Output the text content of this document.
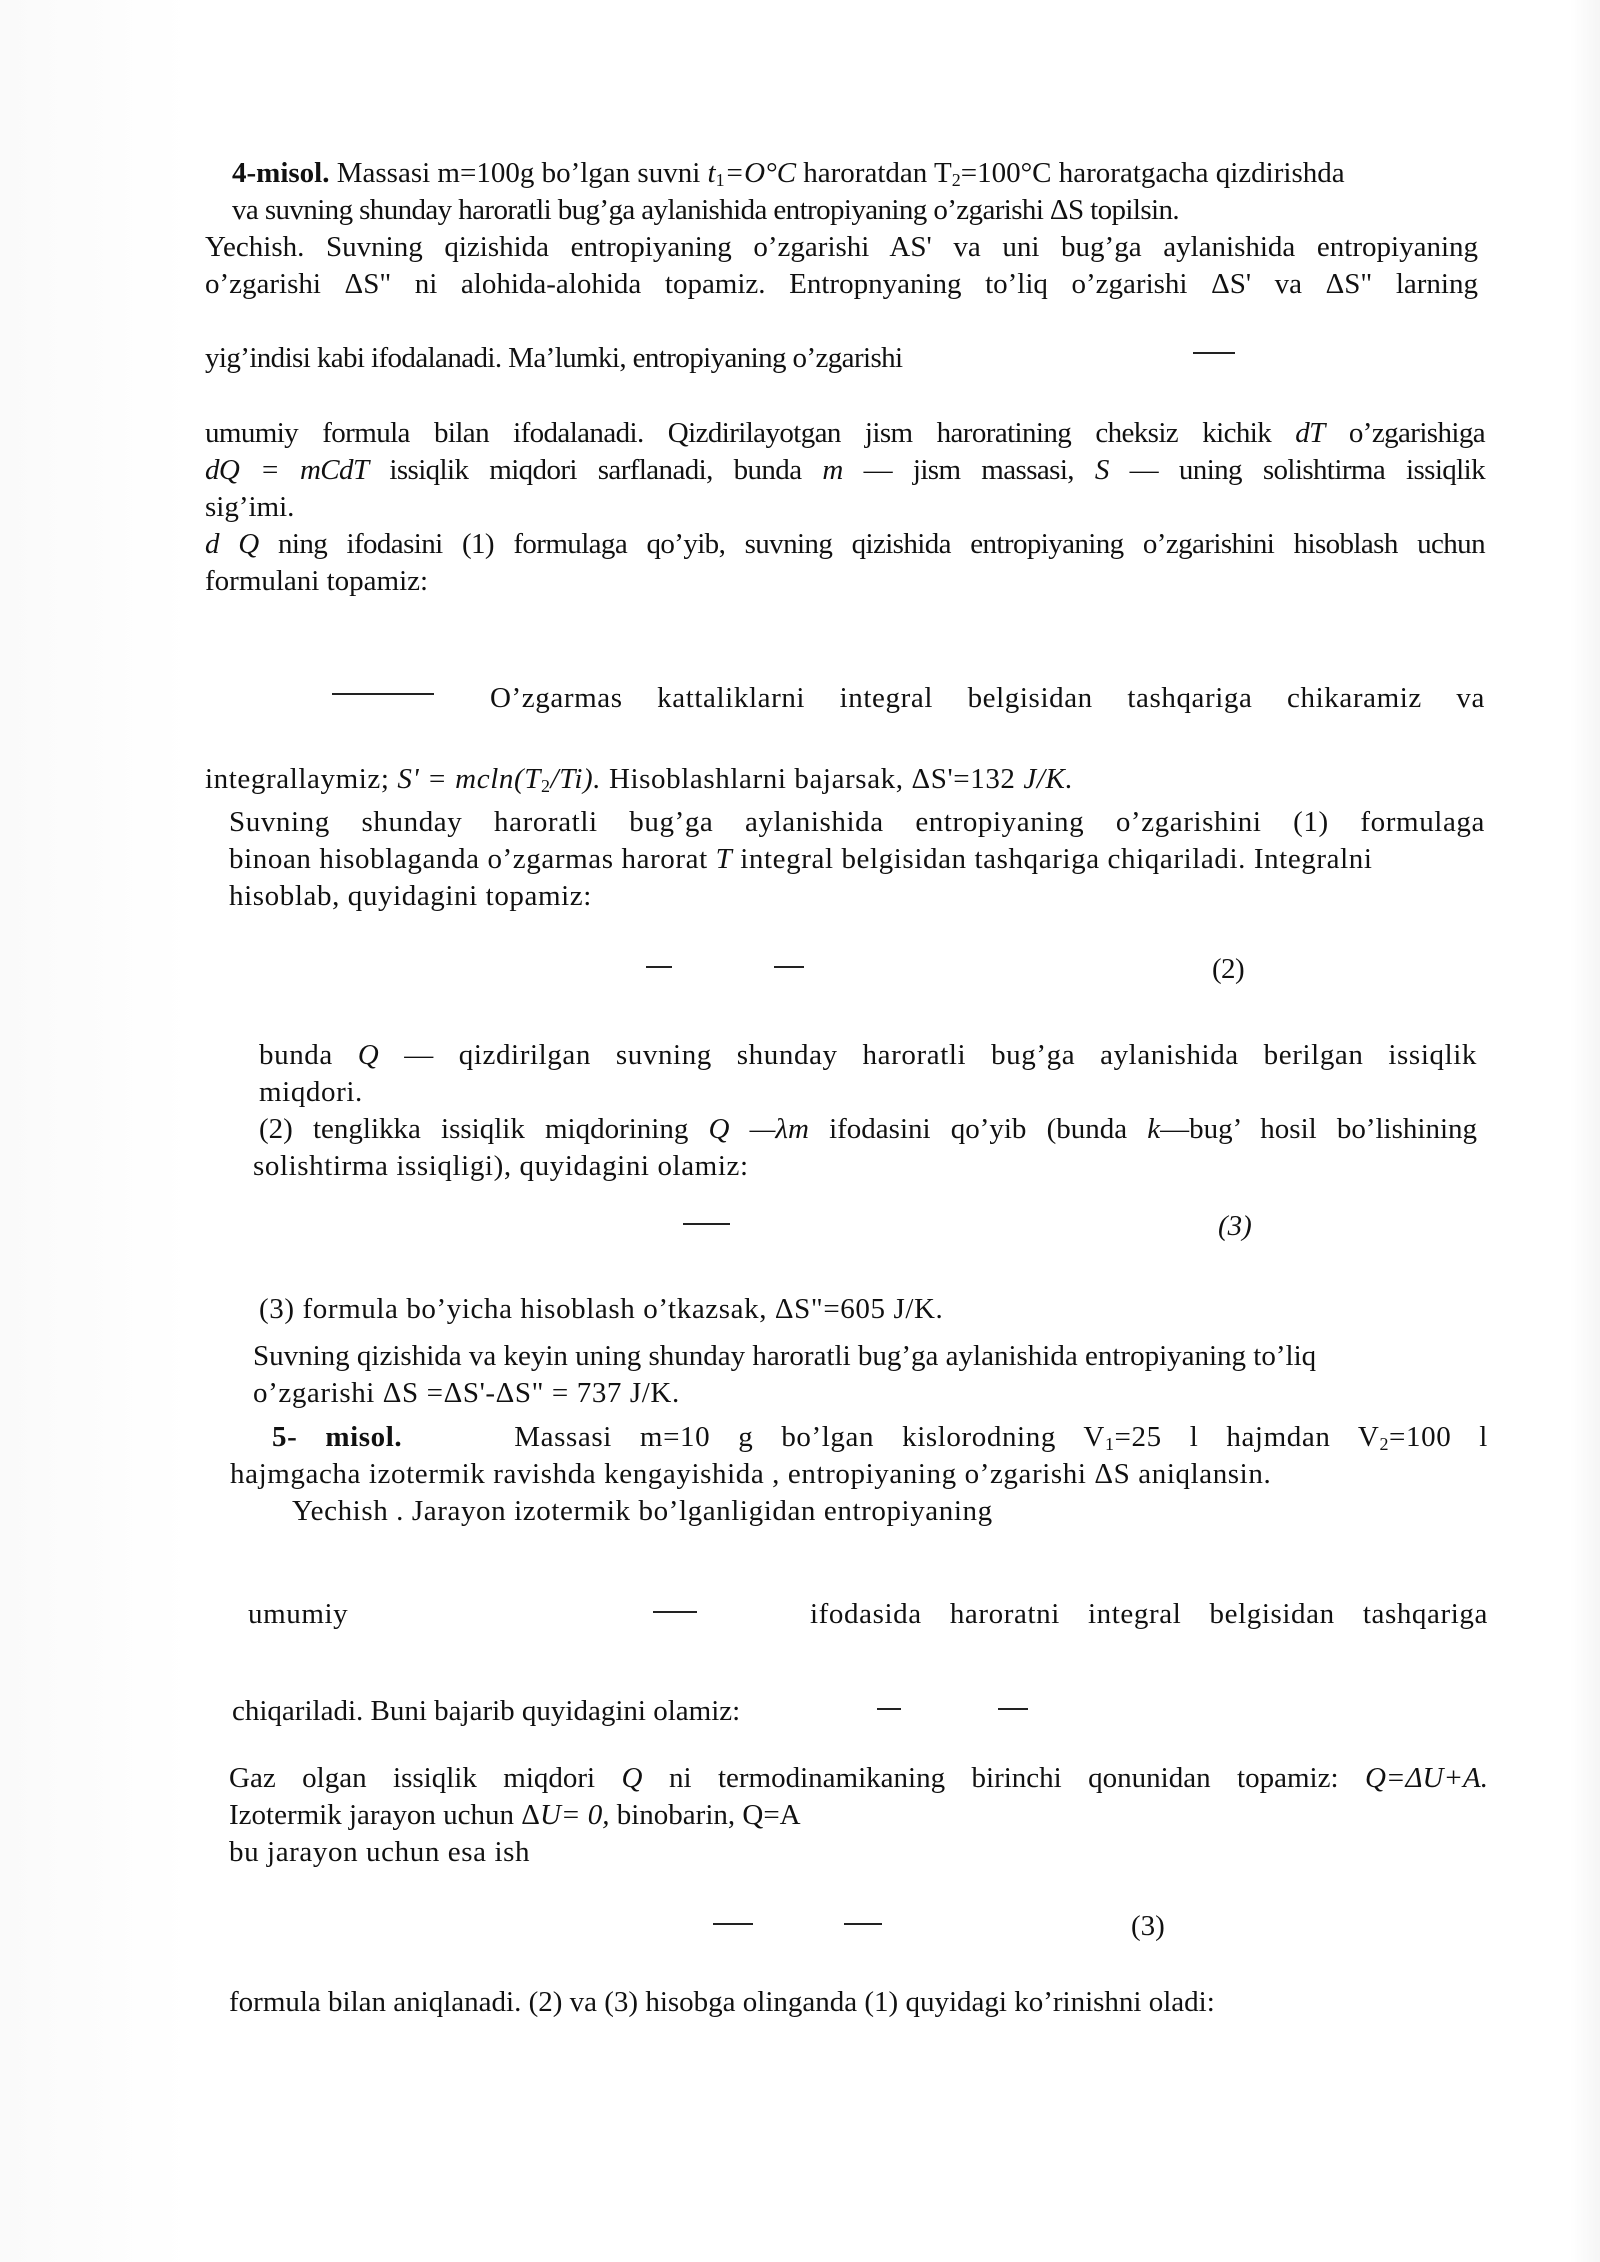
4-misol. Massasi m=100g bo’lgan suvni $t_1=O^\circ C$ haroratdan $T_2=100^\circ C$ haroratgacha qizdirishda
va suvning shunday haroratli bug’ga aylanishida entropiyaning o’zgarishi ΔS topilsin.
Yechish. Suvning qizishida entropiyaning o’zgarishi AS' va uni bug’ga aylanishida entropiyaning
o’zgarishi ΔS" ni alohida-alohida topamiz. Entropnyaning to’liq o’zgarishi ΔS' va ΔS" larning
yig’indisi kabi ifodalanadi. Ma’lumki, entropiyaning o’zgarishi
umumiy formula bilan ifodalanadi. Qizdirilayotgan jism haroratining cheksiz kichik dT o’zgarishiga
dQ = mCdT issiqlik miqdori sarflanadi, bunda m — jism massasi, S — uning solishtirma issiqlik
sig’imi.
d Q ning ifodasini (1) formulaga qo’yib, suvning qizishida entropiyaning o’zgarishini hisoblash uchun
formulani topamiz:
O’zgarmas kattaliklarni integral belgisidan tashqariga chikaramiz va
integrallaymiz; $S' = mcln(T_2/Ti)$. Hisoblashlarni bajarsak, ΔS'=132 J/K.
Suvning shunday haroratli bug’ga aylanishida entropiyaning o’zgarishini (1) formulaga
binoan hisoblaganda o’zgarmas harorat T integral belgisidan tashqariga chiqariladi. Integralni
hisoblab, quyidagini topamiz:
(2)
bunda Q — qizdirilgan suvning shunday haroratli bug’ga aylanishida berilgan issiqlik
miqdori.
(2) tenglikka issiqlik miqdorining Q —λm ifodasini qo’yib (bunda k—bug’ hosil bo’lishining
solishtirma issiqligi), quyidagini olamiz:
(3)
(3) formula bo’yicha hisoblash o’tkazsak, ΔS"=605 J/K.
Suvning qizishida va keyin uning shunday haroratli bug’ga aylanishida entropiyaning to’liq
o’zgarishi ΔS =ΔS'-ΔS" = 737 J/K.
5- misol.	Massasi m=10 g bo’lgan kislorodning $V_1=25$ l hajmdan $V_2=100$ l
hajmgacha izotermik ravishda kengayishida , entropiyaning o’zgarishi ΔS aniqlansin.
Yechish . Jarayon izotermik bo’lganligidan entropiyaning
umumiy	ifodasida haroratni integral belgisidan tashqariga
chiqariladi. Buni bajarib quyidagini olamiz:
Gaz olgan issiqlik miqdori Q ni termodinamikaning birinchi qonunidan topamiz: Q=ΔU+A.
Izotermik jarayon uchun ΔU= 0, binobarin, Q=A
bu jarayon uchun esa ish
(3)
formula bilan aniqlanadi. (2) va (3) hisobga olinganda (1) quyidagi ko’rinishni oladi:
